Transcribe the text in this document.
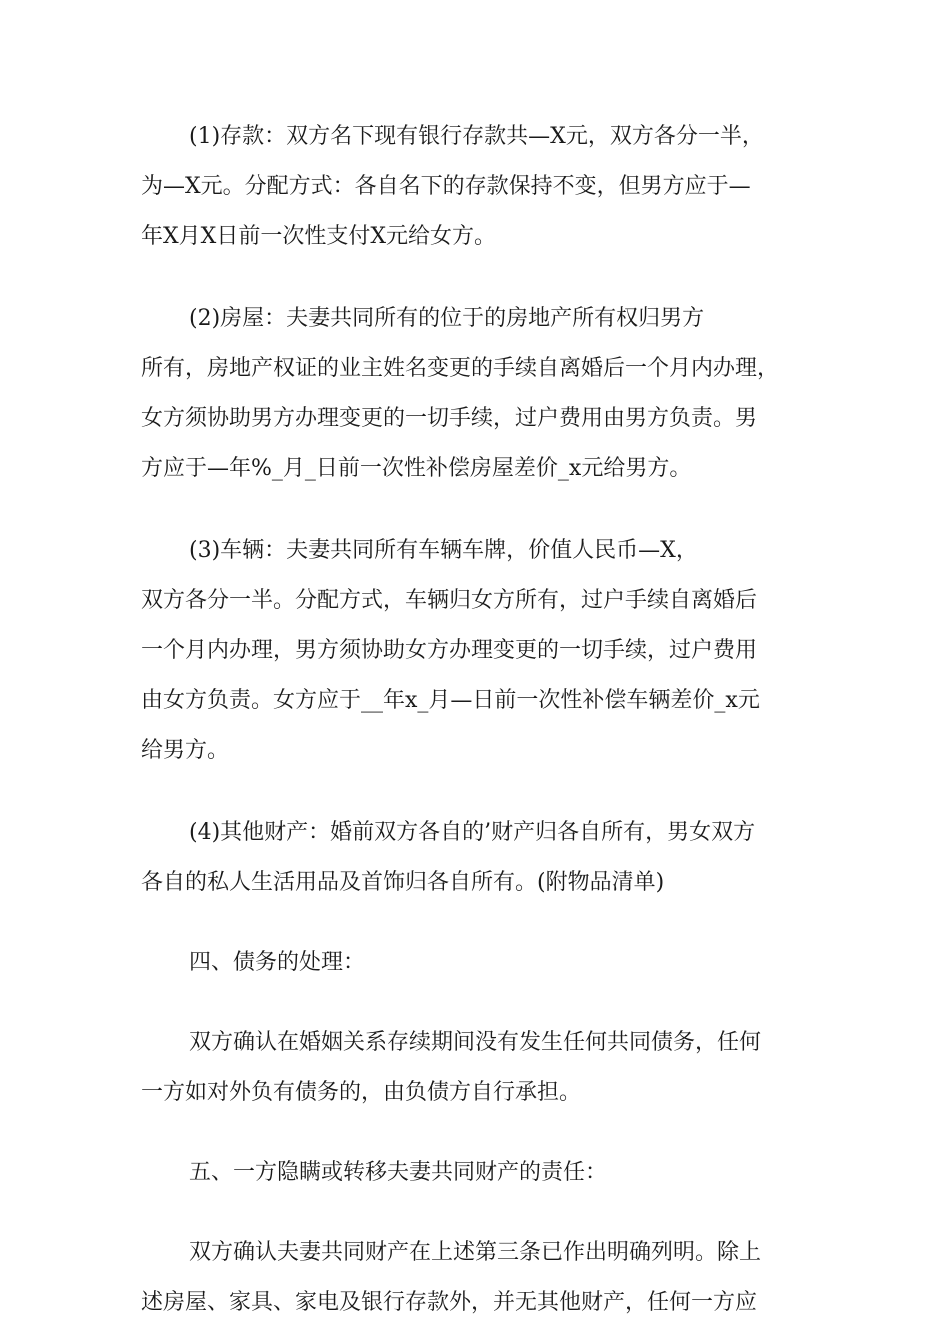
(1)存款：双方名下现有银行存款共—X元，双方各分一半，
为—X元。分配方式：各自名下的存款保持不变，但男方应于—
年X月X日前一次性支付X元给女方。
(2)房屋：夫妻共同所有的位于的房地产所有权归男方
所有，房地产权证的业主姓名变更的手续自离婚后一个月内办理，
女方须协助男方办理变更的一切手续，过户费用由男方负责。男
方应于—年%_月_日前一次性补偿房屋差价_x元给男方。
(3)车辆：夫妻共同所有车辆车牌，价值人民币—X，
双方各分一半。分配方式，车辆归女方所有，过户手续自离婚后
一个月内办理，男方须协助女方办理变更的一切手续，过户费用
由女方负责。女方应于__年x_月—日前一次性补偿车辆差价_x元
给男方。
(4)其他财产：婚前双方各自的’财产归各自所有，男女双方
各自的私人生活用品及首饰归各自所有。(附物品清单)
四、债务的处理：
双方确认在婚姻关系存续期间没有发生任何共同债务，任何
一方如对外负有债务的，由负债方自行承担。
五、一方隐瞒或转移夫妻共同财产的责任：
双方确认夫妻共同财产在上述第三条已作出明确列明。除上
述房屋、家具、家电及银行存款外，并无其他财产，任何一方应
